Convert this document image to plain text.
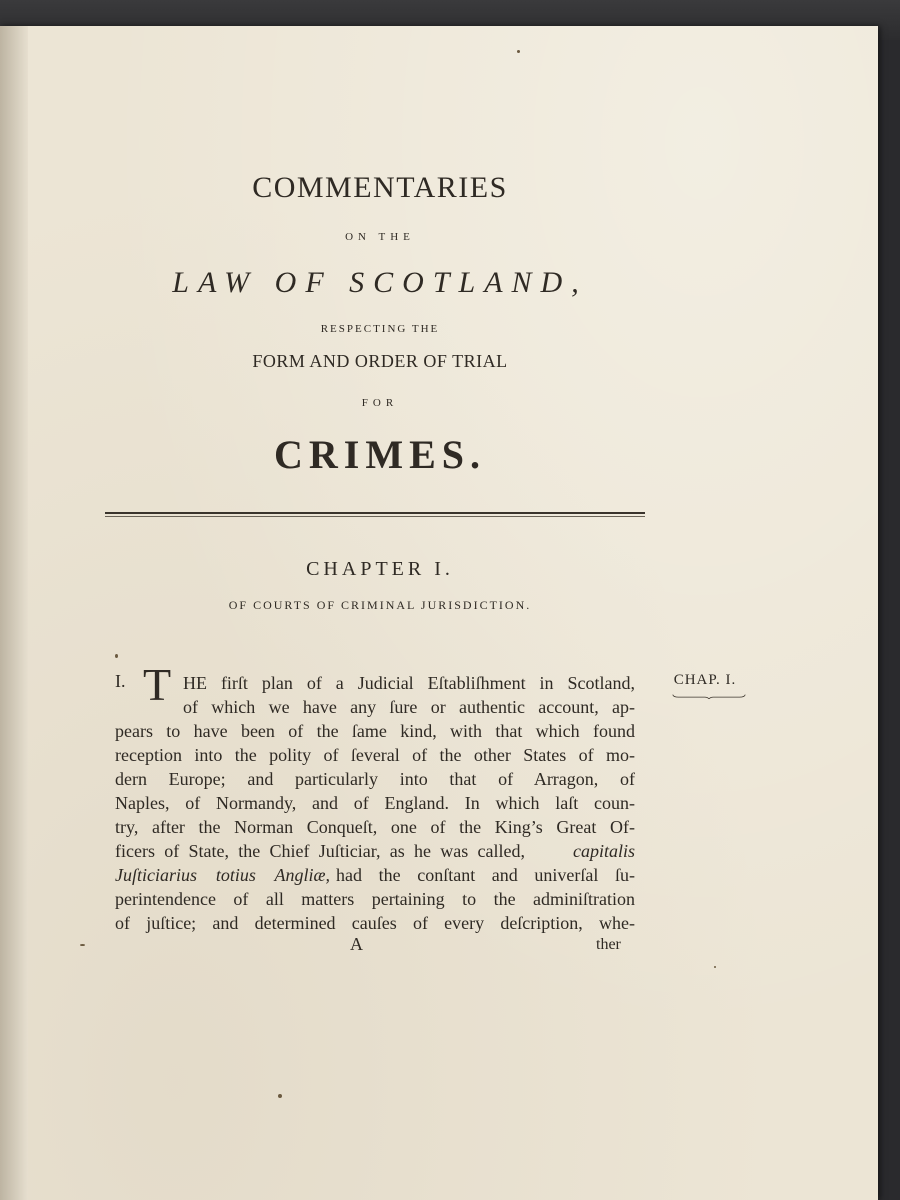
COMMENTARIES
ON THE
LAW OF SCOTLAND,
RESPECTING THE
FORM AND ORDER OF TRIAL
FOR
CRIMES.
CHAPTER I.
OF COURTS OF CRIMINAL JURISDICTION.
CHAP. I.
I. T HE firſt plan of a Judicial Eſtabliſhment in Scotland,
of which we have any ſure or authentic account, ap-
pears to have been of the ſame kind, with that which found
reception into the polity of ſeveral of the other States of mo-
dern Europe; and particularly into that of Arragon, of
Naples, of Normandy, and of England. In which laſt coun-
try, after the Norman Conqueſt, one of the King’s Great Of-
ficers of State, the Chief Juſticiar, as he was called,	capitalis
Juſticiarius totius Angliæ, had the conſtant and univerſal ſu-
perintendence of all matters pertaining to the adminiſtration
of juſtice; and determined cauſes of every deſcription, whe-
A	ther
